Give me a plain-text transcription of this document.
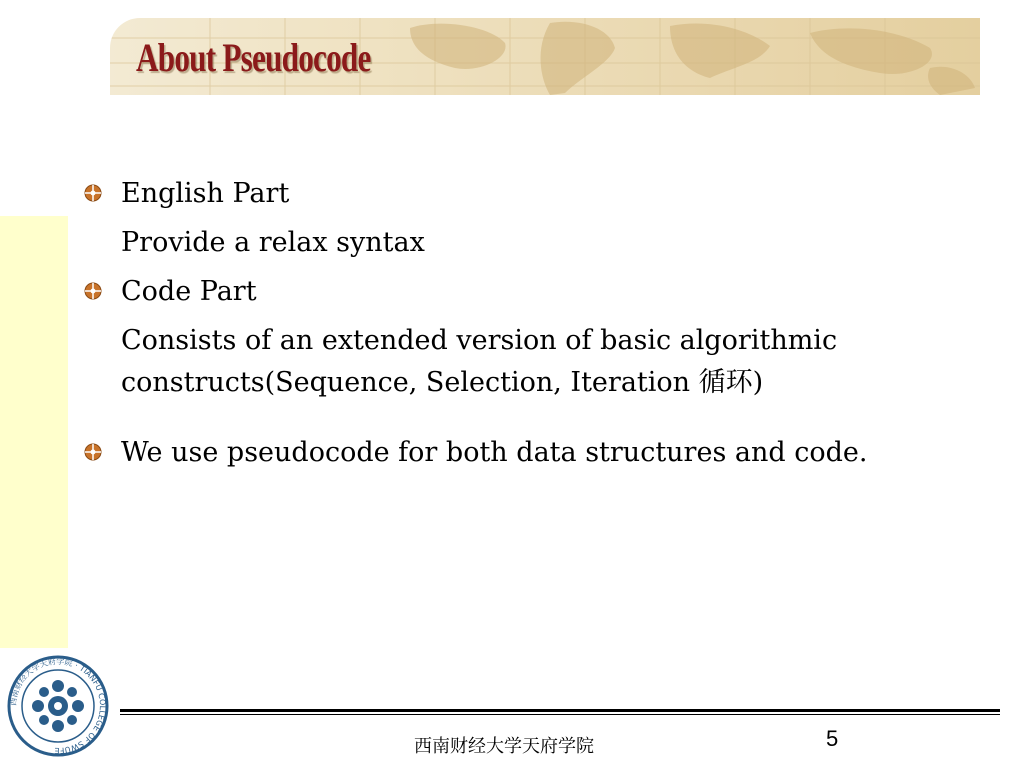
About Pseudocode
English Part
Provide a relax syntax
Code Part
Consists of an extended version of basic algorithmic constructs(Sequence, Selection, Iteration 循环)
We use pseudocode for both data structures and code.
西南财经大学天府学院 · TIANFU COLLEGE OF SWUFE	西南财经大学天府学院	5
